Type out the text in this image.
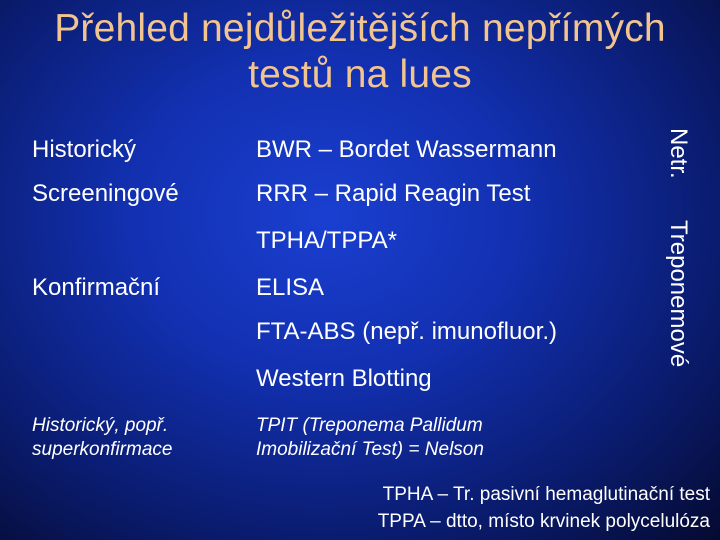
Přehled nejdůležitějších nepřímých
testů na lues
Historický
Screeningové
Konfirmační
Historický, popř.
superkonfirmace
BWR – Bordet Wassermann
RRR – Rapid Reagin Test
TPHA/TPPA*
ELISA
FTA-ABS (nepř. imunofluor.)
Western Blotting
TPIT (Treponema Pallidum
Imobilizační Test) = Nelson
Netr.
Treponemové
TPHA – Tr. pasivní hemaglutinační test
TPPA – dtto, místo krvinek polycelulóza
